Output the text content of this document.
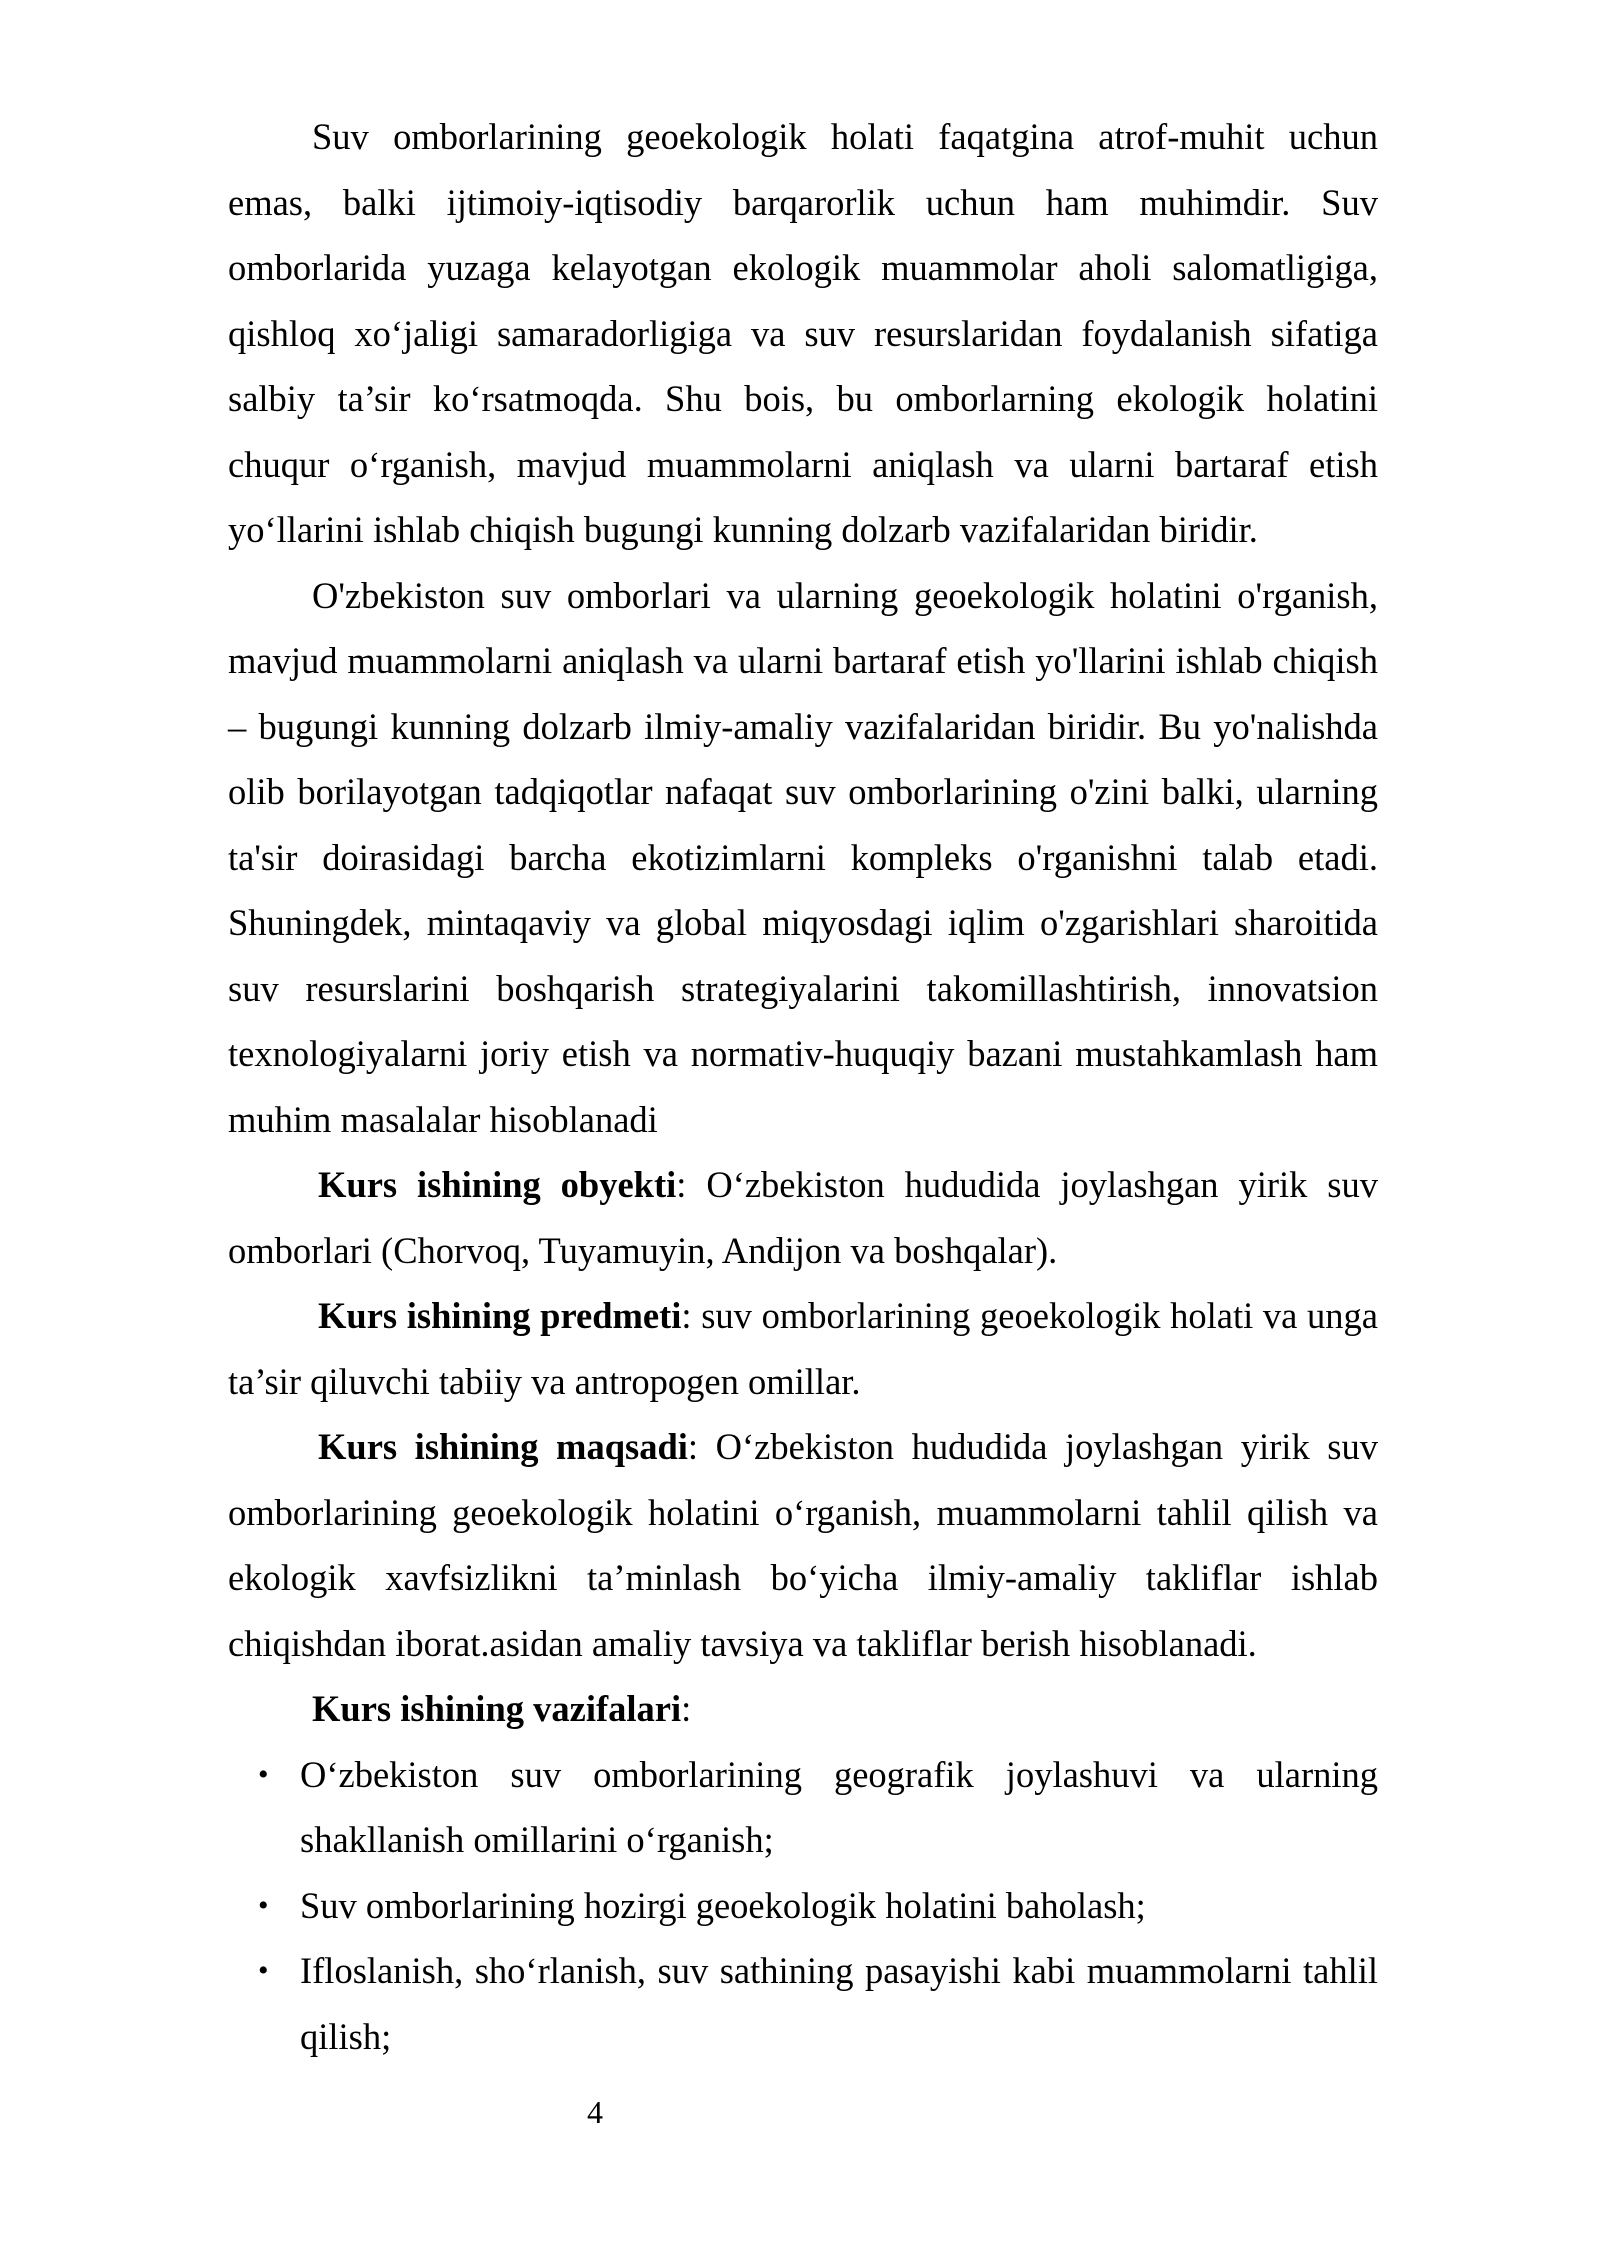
Suv omborlarining geoekologik holati faqatgina atrof-muhit uchun emas, balki ijtimoiy-iqtisodiy barqarorlik uchun ham muhimdir. Suv omborlarida yuzaga kelayotgan ekologik muammolar aholi salomatligiga, qishloq xo‘jaligi samaradorligiga va suv resurslaridan foydalanish sifatiga salbiy ta’sir ko‘rsatmoqda. Shu bois, bu omborlarning ekologik holatini chuqur o‘rganish, mavjud muammolarni aniqlash va ularni bartaraf etish yo‘llarini ishlab chiqish bugungi kunning dolzarb vazifalaridan biridir.

O'zbekiston suv omborlari va ularning geoekologik holatini o'rganish, mavjud muammolarni aniqlash va ularni bartaraf etish yo'llarini ishlab chiqish – bugungi kunning dolzarb ilmiy-amaliy vazifalaridan biridir. Bu yo'nalishda olib borilayotgan tadqiqotlar nafaqat suv omborlarining o'zini balki, ularning ta'sir doirasidagi barcha ekotizimlarni kompleks o'rganishni talab etadi. Shuningdek, mintaqaviy va global miqyosdagi iqlim o'zgarishlari sharoitida suv resurslarini boshqarish strategiyalarini takomillashtirish, innovatsion texnologiyalarni joriy etish va normativ-huquqiy bazani mustahkamlash ham muhim masalalar hisoblanadi

Kurs ishining obyekti: O‘zbekiston hududida joylashgan yirik suv omborlari (Chorvoq, Tuyamuyin, Andijon va boshqalar).

Kurs ishining predmeti: suv omborlarining geoekologik holati va unga ta’sir qiluvchi tabiiy va antropogen omillar.

Kurs ishining maqsadi: O‘zbekiston hududida joylashgan yirik suv omborlarining geoekologik holatini o‘rganish, muammolarni tahlil qilish va ekologik xavfsizlikni ta’minlash bo‘yicha ilmiy-amaliy takliflar ishlab chiqishdan iborat.asidan amaliy tavsiya va takliflar berish hisoblanadi.

Kurs ishining vazifalari:

• O‘zbekiston suv omborlarining geografik joylashuvi va ularning shakllanish omillarini o‘rganish;
• Suv omborlarining hozirgi geoekologik holatini baholash;
• Ifloslanish, sho‘rlanish, suv sathining pasayishi kabi muammolarni tahlil qilish;
4
